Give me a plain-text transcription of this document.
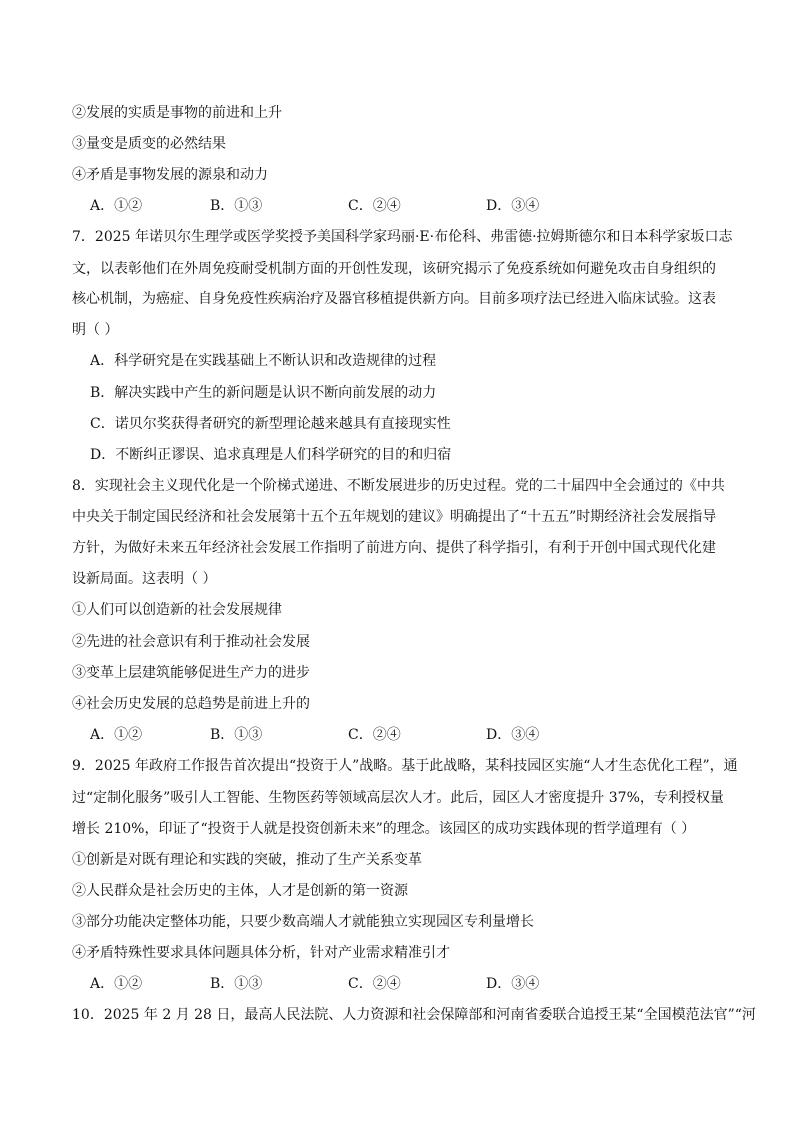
②发展的实质是事物的前进和上升
③量变是质变的必然结果
④矛盾是事物发展的源泉和动力
A．①②	B．①③	C．②④	D．③④
7．2025 年诺贝尔生理学或医学奖授予美国科学家玛丽·E·布伦科、弗雷德·拉姆斯德尔和日本科学家坂口志
文，以表彰他们在外周免疫耐受机制方面的开创性发现，该研究揭示了免疫系统如何避免攻击自身组织的
核心机制，为癌症、自身免疫性疾病治疗及器官移植提供新方向。目前多项疗法已经进入临床试验。这表
明（ ）
A．科学研究是在实践基础上不断认识和改造规律的过程
B．解决实践中产生的新问题是认识不断向前发展的动力
C．诺贝尔奖获得者研究的新型理论越来越具有直接现实性
D．不断纠正谬误、追求真理是人们科学研究的目的和归宿
8．实现社会主义现代化是一个阶梯式递进、不断发展进步的历史过程。党的二十届四中全会通过的《中共
中央关于制定国民经济和社会发展第十五个五年规划的建议》明确提出了“十五五”时期经济社会发展指导
方针，为做好未来五年经济社会发展工作指明了前进方向、提供了科学指引，有利于开创中国式现代化建
设新局面。这表明（ ）
①人们可以创造新的社会发展规律
②先进的社会意识有利于推动社会发展
③变革上层建筑能够促进生产力的进步
④社会历史发展的总趋势是前进上升的
A．①②	B．①③	C．②④	D．③④
9．2025 年政府工作报告首次提出“投资于人”战略。基于此战略，某科技园区实施“人才生态优化工程”，通
过“定制化服务”吸引人工智能、生物医药等领域高层次人才。此后，园区人才密度提升 37%，专利授权量
增长 210%，印证了“投资于人就是投资创新未来”的理念。该园区的成功实践体现的哲学道理有（ ）
①创新是对既有理论和实践的突破，推动了生产关系变革
②人民群众是社会历史的主体，人才是创新的第一资源
③部分功能决定整体功能，只要少数高端人才就能独立实现园区专利量增长
④矛盾特殊性要求具体问题具体分析，针对产业需求精准引才
A．①②	B．①③	C．②④	D．③④
10．2025 年 2 月 28 日，最高人民法院、人力资源和社会保障部和河南省委联合追授王某“全国模范法官”“河
